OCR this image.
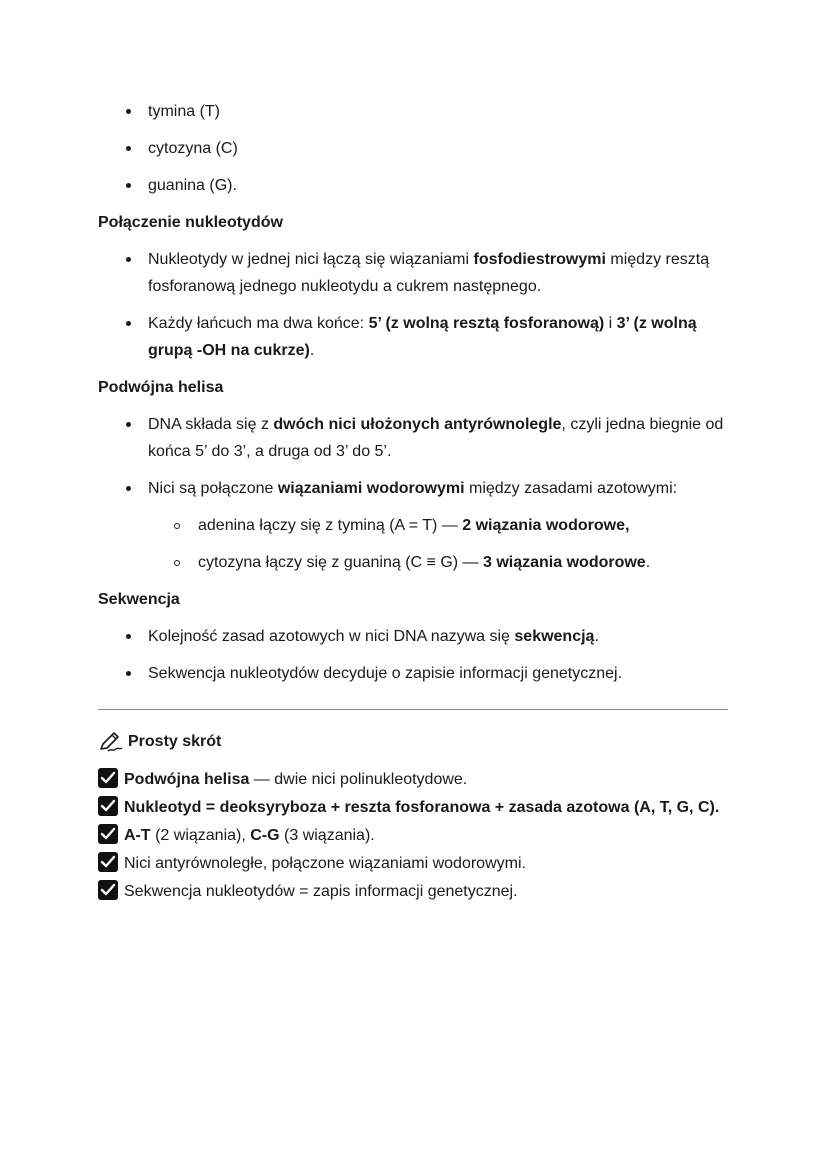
tymina (T)
cytozyna (C)
guanina (G).
Połączenie nukleotydów
Nukleotydy w jednej nici łączą się wiązaniami fosfodiestrowymi między resztą fosforanową jednego nukleotydu a cukrem następnego.
Każdy łańcuch ma dwa końce: 5’ (z wolną resztą fosforanową) i 3’ (z wolną grupą -OH na cukrze).
Podwójna helisa
DNA składa się z dwóch nici ułożonych antyrównolegle, czyli jedna biegnie od końca 5’ do 3’, a druga od 3’ do 5’.
Nici są połączone wiązaniami wodorowymi między zasadami azotowymi:
adenina łączy się z tyminą (A = T) — 2 wiązania wodorowe,
cytozyna łączy się z guaniną (C ≡ G) — 3 wiązania wodorowe.
Sekwencja
Kolejność zasad azotowych w nici DNA nazywa się sekwencją.
Sekwencja nukleotydów decyduje o zapisie informacji genetycznej.
Prosty skrót
Podwójna helisa — dwie nici polinukleotydowe.
Nukleotyd = deoksyryboza + reszta fosforanowa + zasada azotowa (A, T, G, C).
A-T (2 wiązania), C-G (3 wiązania).
Nici antyrównoległe, połączone wiązaniami wodorowymi.
Sekwencja nukleotydów = zapis informacji genetycznej.
